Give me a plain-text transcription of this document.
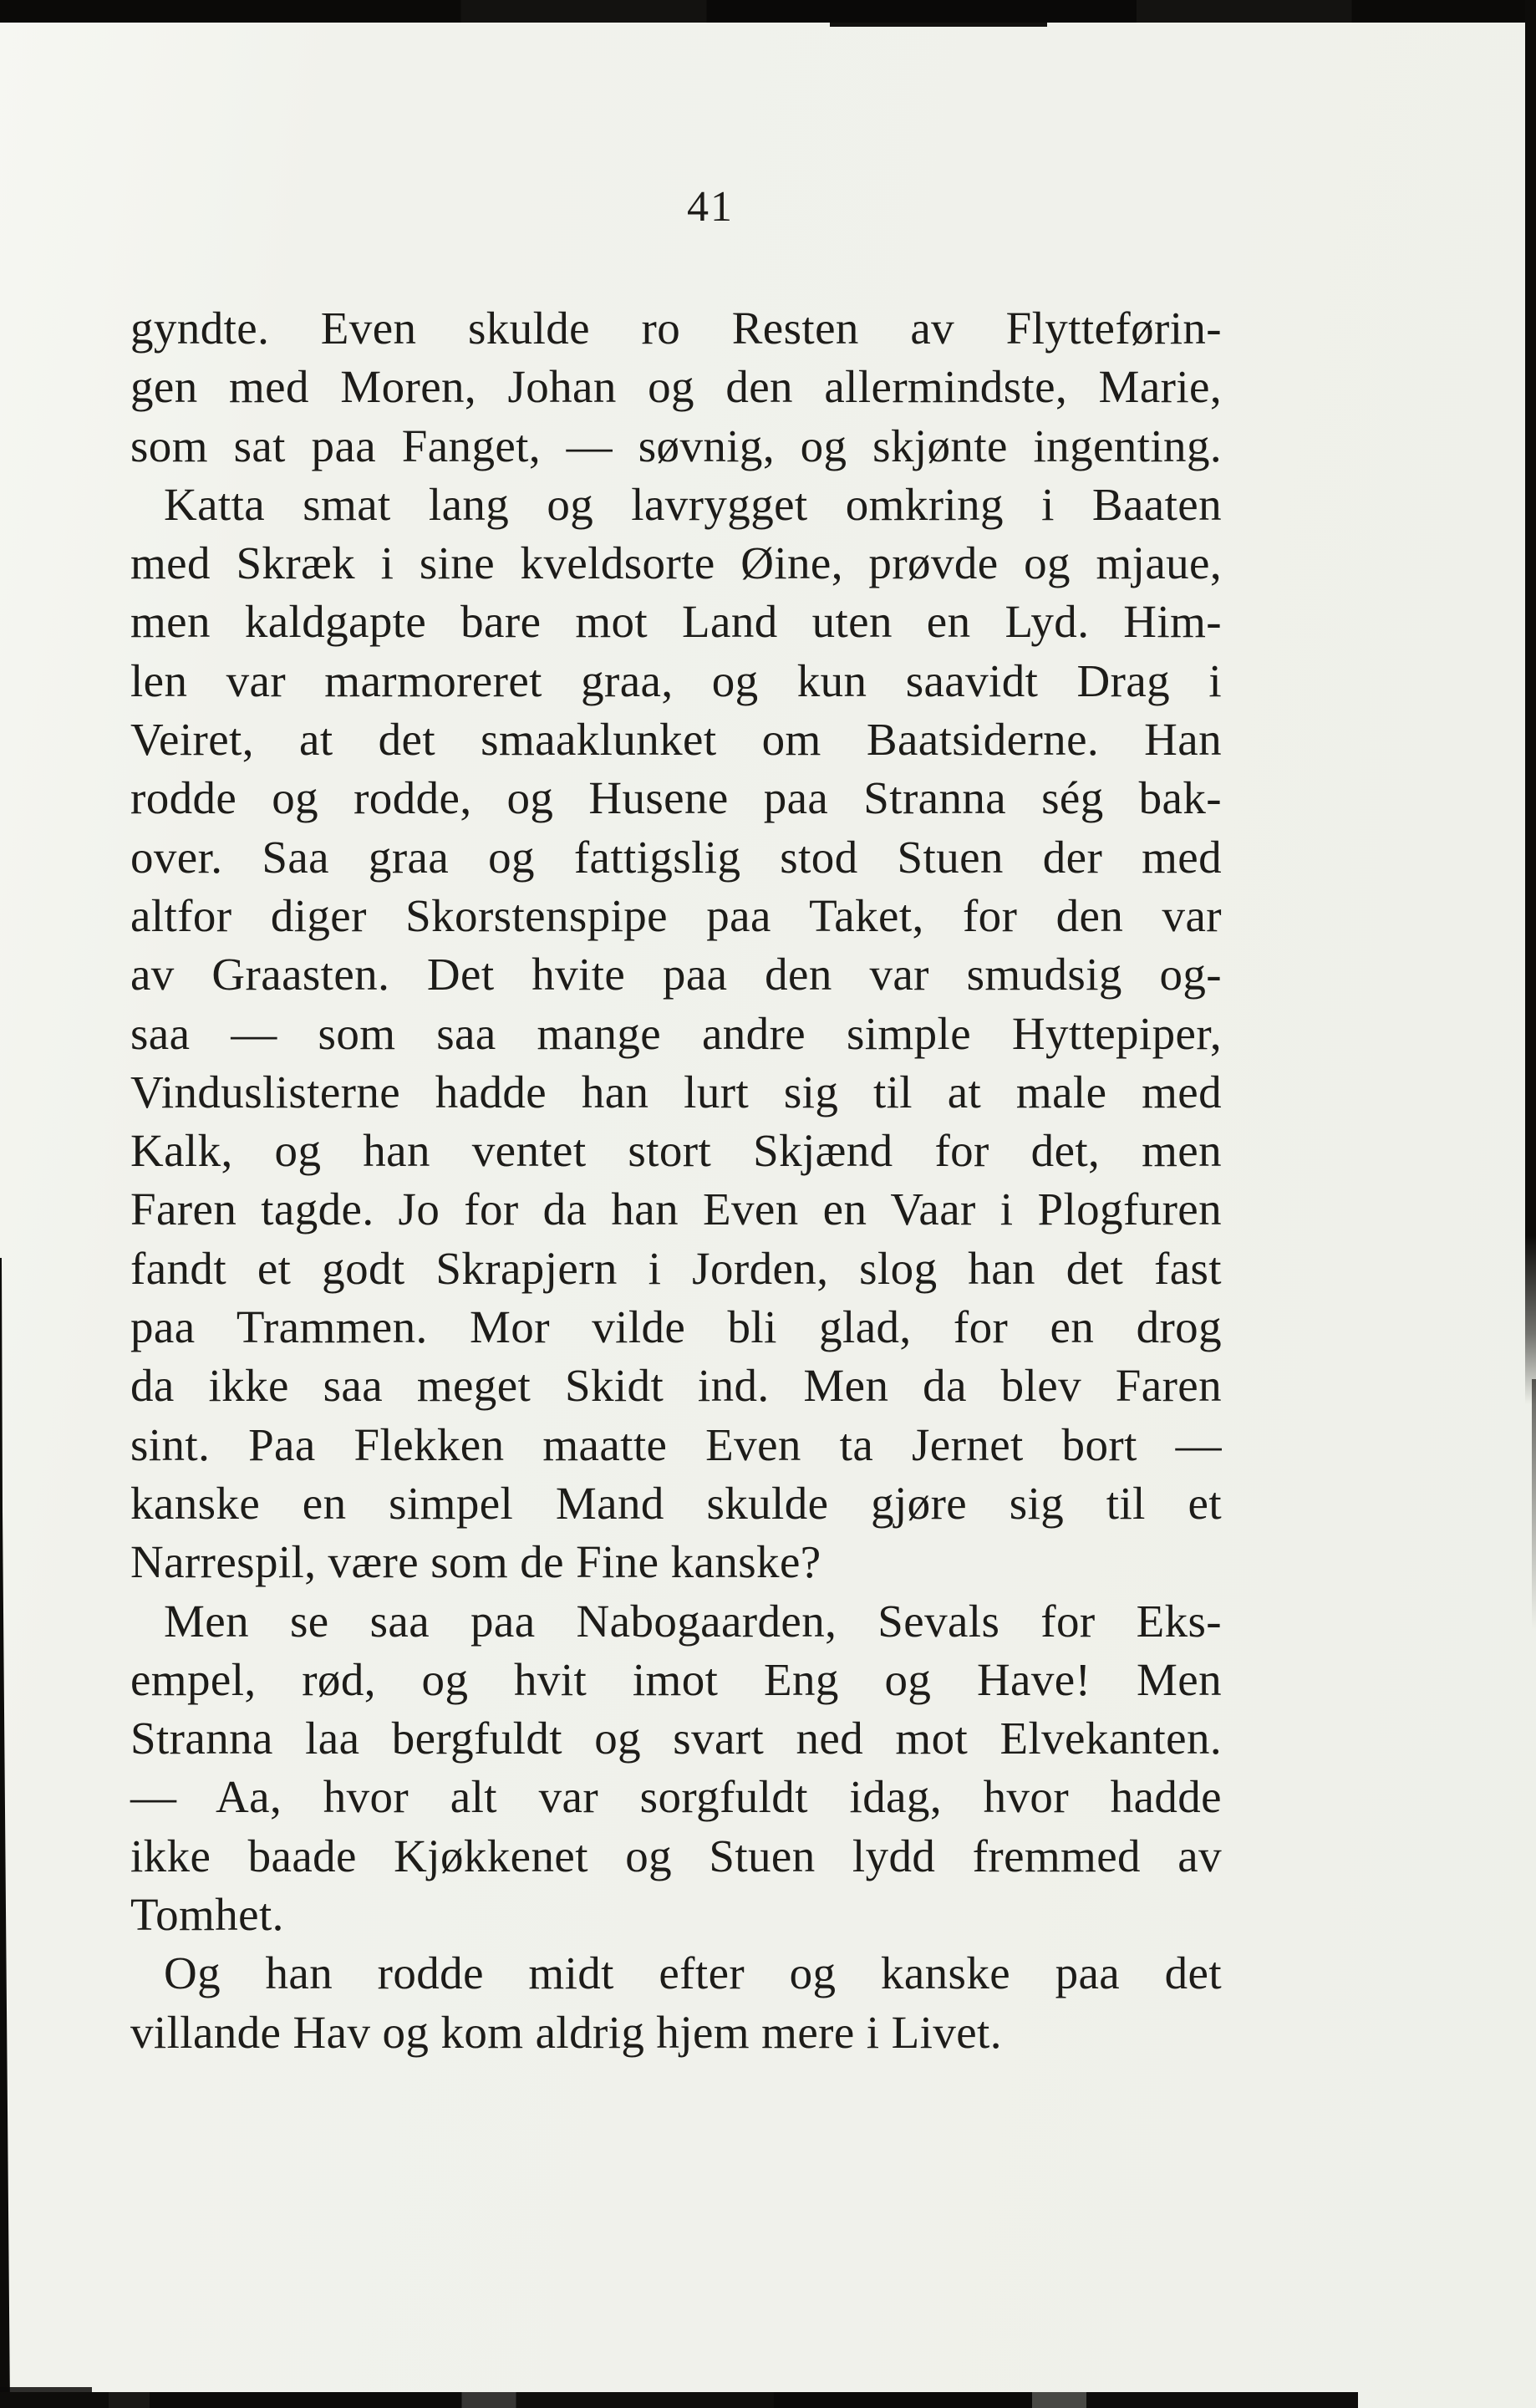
41
gyndte. Even skulde ro Resten av Flytteførin-
gen med Moren, Johan og den allermindste, Marie,
som sat paa Fanget, — søvnig, og skjønte ingenting.
Katta smat lang og lavrygget omkring i Baaten
med Skræk i sine kveldsorte Øine, prøvde og mjaue,
men kaldgapte bare mot Land uten en Lyd. Him-
len var marmoreret graa, og kun saavidt Drag i
Veiret, at det smaaklunket om Baatsiderne. Han
rodde og rodde, og Husene paa Stranna ség bak-
over. Saa graa og fattigslig stod Stuen der med
altfor diger Skorstenspipe paa Taket, for den var
av Graasten. Det hvite paa den var smudsig og-
saa — som saa mange andre simple Hyttepiper,
Vinduslisterne hadde han lurt sig til at male med
Kalk, og han ventet stort Skjænd for det, men
Faren tagde. Jo for da han Even en Vaar i Plogfuren
fandt et godt Skrapjern i Jorden, slog han det fast
paa Trammen. Mor vilde bli glad, for en drog
da ikke saa meget Skidt ind. Men da blev Faren
sint. Paa Flekken maatte Even ta Jernet bort —
kanske en simpel Mand skulde gjøre sig til et
Narrespil, være som de Fine kanske?
Men se saa paa Nabogaarden, Sevals for Eks-
empel, rød, og hvit imot Eng og Have! Men
Stranna laa bergfuldt og svart ned mot Elvekanten.
— Aa, hvor alt var sorgfuldt idag, hvor hadde
ikke baade Kjøkkenet og Stuen lydd fremmed av
Tomhet.
Og han rodde midt efter og kanske paa det
villande Hav og kom aldrig hjem mere i Livet.
